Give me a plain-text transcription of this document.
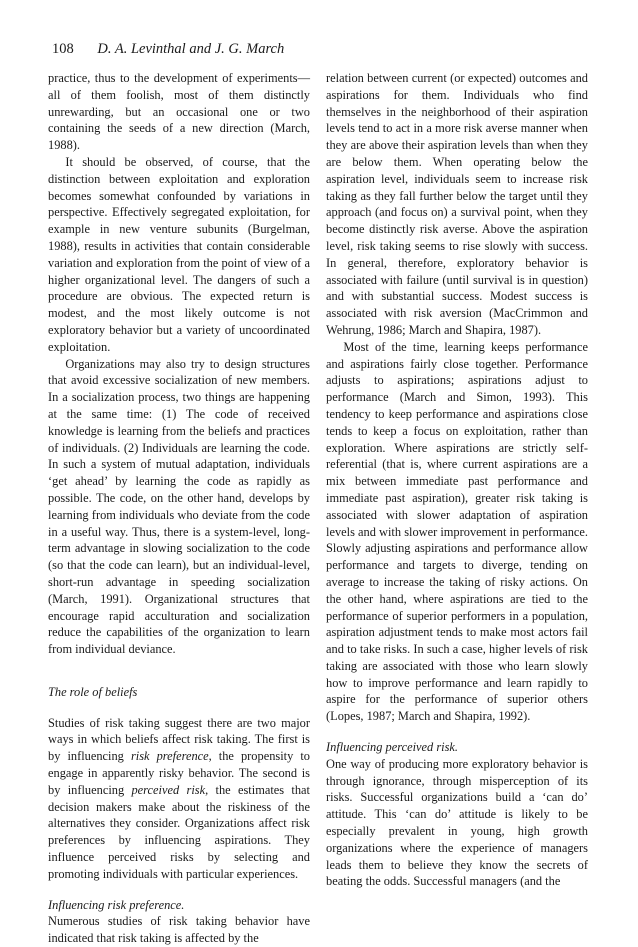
108 D. A. Levinthal and J. G. March

practice, thus to the development of experiments—all of them foolish, most of them distinctly unrewarding, but an occasional one or two containing the seeds of a new direction (March, 1988).

It should be observed, of course, that the distinction between exploitation and exploration becomes somewhat confounded by variations in perspective. Effectively segregated exploitation, for example in new venture subunits (Burgelman, 1988), results in activities that contain considerable variation and exploration from the point of view of a higher organizational level. The dangers of such a procedure are obvious. The expected return is modest, and the most likely outcome is not exploratory behavior but a variety of uncoordinated exploitation.

Organizations may also try to design structures that avoid excessive socialization of new members. In a socialization process, two things are happening at the same time: (1) The code of received knowledge is learning from the beliefs and practices of individuals. (2) Individuals are learning the code. In such a system of mutual adaptation, individuals ‘get ahead’ by learning the code as rapidly as possible. The code, on the other hand, develops by learning from individuals who deviate from the code in a useful way. Thus, there is a system-level, long-term advantage in slowing socialization to the code (so that the code can learn), but an individual-level, short-run advantage in speeding socialization (March, 1991). Organizational structures that encourage rapid acculturation and socialization reduce the capabilities of the organization to learn from individual deviance.

The role of beliefs

Studies of risk taking suggest there are two major ways in which beliefs affect risk taking. The first is by influencing risk preference, the propensity to engage in apparently risky behavior. The second is by influencing perceived risk, the estimates that decision makers make about the riskiness of the alternatives they consider. Organizations affect risk preferences by influencing aspirations. They influence perceived risks by selecting and promoting individuals with particular experiences.

Influencing risk preference.

Numerous studies of risk taking behavior have indicated that risk taking is affected by the

relation between current (or expected) outcomes and aspirations for them. Individuals who find themselves in the neighborhood of their aspiration levels tend to act in a more risk averse manner when they are above their aspiration levels than when they are below them. When operating below the aspiration level, individuals seem to increase risk taking as they fall further below the target until they approach (and focus on) a survival point, when they become distinctly risk averse. Above the aspiration level, risk taking seems to rise slowly with success. In general, therefore, exploratory behavior is associated with failure (until survival is in question) and with substantial success. Modest success is associated with risk aversion (MacCrimmon and Wehrung, 1986; March and Shapira, 1987).

Most of the time, learning keeps performance and aspirations fairly close together. Performance adjusts to aspirations; aspirations adjust to performance (March and Simon, 1993). This tendency to keep performance and aspirations close tends to keep a focus on exploitation, rather than exploration. Where aspirations are strictly self-referential (that is, where current aspirations are a mix between immediate past performance and immediate past aspiration), greater risk taking is associated with slower adaptation of aspiration levels and with slower improvement in performance. Slowly adjusting aspirations and performance allow performance and targets to diverge, tending on average to increase the taking of risky actions. On the other hand, where aspirations are tied to the performance of superior performers in a population, aspiration adjustment tends to make most actors fail and to take risks. In such a case, higher levels of risk taking are associated with those who learn slowly how to improve performance and learn rapidly to aspire for the performance of superior others (Lopes, 1987; March and Shapira, 1992).

Influencing perceived risk.

One way of producing more exploratory behavior is through ignorance, through misperception of its risks. Successful organizations build a ‘can do’ attitude. This ‘can do’ attitude is likely to be especially prevalent in young, high growth organizations where the experience of managers leads them to believe they know the secrets of beating the odds. Successful managers (and the
